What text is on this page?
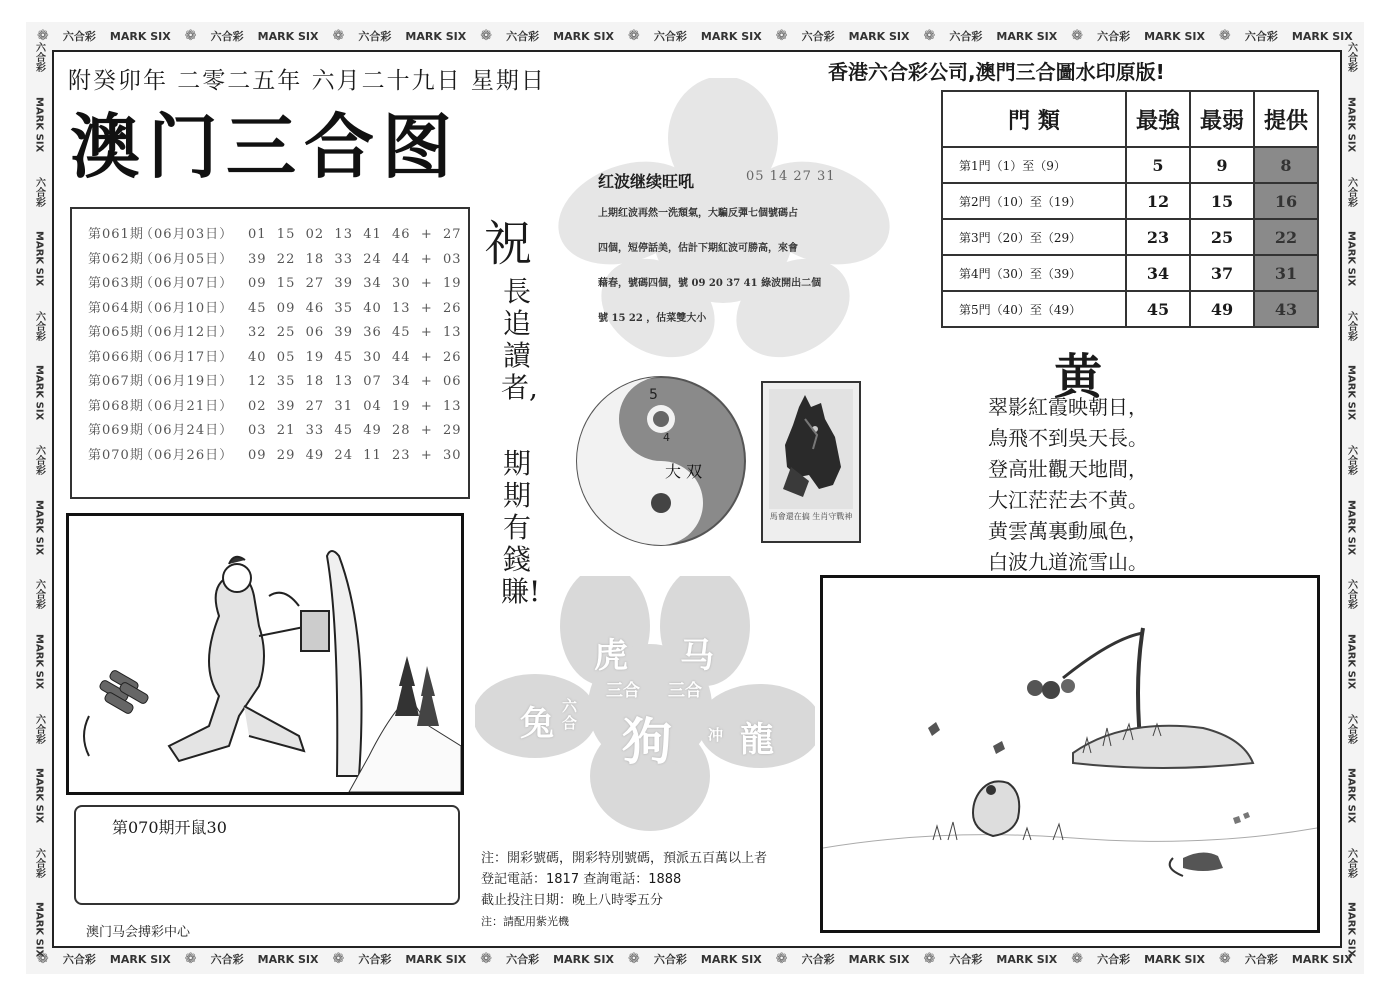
❁ 六合彩 MARK SIX ❁ 六合彩 MARK SIX ❁ 六合彩 MARK SIX ❁ 六合彩 MARK SIX ❁ 六合彩 MARK SIX ❁ 六合彩 MARK SIX ❁ 六合彩 MARK SIX ❁ 六合彩 MARK SIX ❁ 六合彩 MARK SIX
❁ 六合彩 MARK SIX ❁ 六合彩 MARK SIX ❁ 六合彩 MARK SIX ❁ 六合彩 MARK SIX ❁ 六合彩 MARK SIX ❁ 六合彩 MARK SIX ❁ 六合彩 MARK SIX ❁ 六合彩 MARK SIX ❁ 六合彩 MARK SIX
六合彩
MARK SIX
六合彩
MARK SIX
六合彩
MARK SIX
六合彩
MARK SIX
六合彩
MARK SIX
六合彩
MARK SIX
六合彩
MARK SIX
六合彩
MARK SIX
六合彩
MARK SIX
六合彩
MARK SIX
六合彩
MARK SIX
六合彩
MARK SIX
六合彩
MARK SIX
六合彩
MARK SIX
虎 马
三合 三合
兔 六合 狗 冲 龍
附癸卯年 二零二五年 六月二十九日 星期日
澳门三合图
香港六合彩公司,澳門三合圖水印原版!
第061期（06月03日） 01  15  02  13  41  46  +  27
第062期（06月05日） 39  22  18  33  24  44  +  03
第063期（06月07日） 09  15  27  39  34  30  +  19
第064期（06月10日） 45  09  46  35  40  13  +  26
第065期（06月12日） 32  25  06  39  36  45  +  13
第066期（06月17日） 40  05  19  45  30  44  +  26
第067期（06月19日） 12  35  18  13  07  34  +  06
第068期（06月21日） 02  39  27  31  04  19  +  13
第069期（06月24日） 03  21  33  45  49  28  +  29
第070期（06月26日） 09  29  49  24  11  23  +  30
祝
長追讀者,
期期有錢賺!
红波继续旺吼	05 14 27 31
上期红波再然一洗頹氣，大騙反彈七個號碼占
四個，短停話美，估計下期紅波可勝高，來會
藉春，號碼四個，號 09 20 37 41 綠波開出二個
號 15 22 ，估菜雙大小
門 類	最強	最弱	提供
第1門（1）至（9）	5	9	8
第2門（10）至（19）	12	15	16
第3門（20）至（29）	23	25	22
第4門（30）至（39）	34	37	31
第5門（40）至（49）	45	49	43
黄
翠影紅霞映朝日，
鳥飛不到吳天長。
登高壯觀天地間，
大江茫茫去不黄。
黄雲萬裏動風色，
白波九道流雪山。
5
4
大 双
馬會還在搞 生肖守戰神
第070期开鼠30
澳门马会搏彩中心
注：開彩號碼，開彩特別號碼，預派五百萬以上者
登記電話：1817 查詢電話：1888
截止投注日期：晚上八時零五分
注：請配用紫光機
